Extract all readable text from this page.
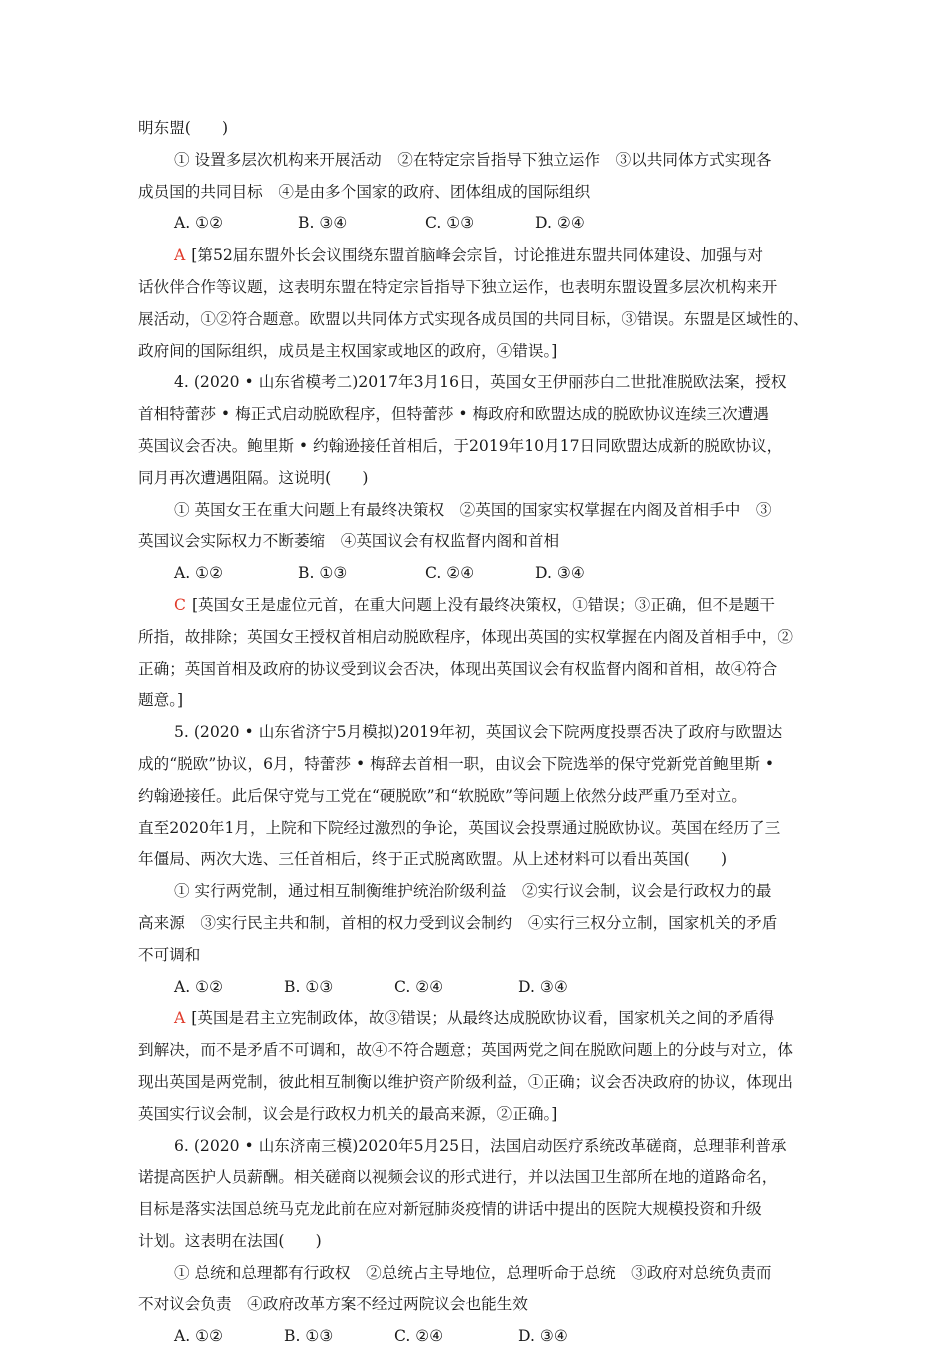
明东盟(　　)
① 设置多层次机构来开展活动　②在特定宗旨指导下独立运作　③以共同体方式实现各
成员国的共同目标　④是由多个国家的政府、团体组成的国际组织
A. ①②	B. ③④	C. ①③	D. ②④
A [第52届东盟外长会议围绕东盟首脑峰会宗旨，讨论推进东盟共同体建设、加强与对
话伙伴合作等议题，这表明东盟在特定宗旨指导下独立运作，也表明东盟设置多层次机构来开
展活动，①②符合题意。欧盟以共同体方式实现各成员国的共同目标，③错误。东盟是区域性的、
政府间的国际组织，成员是主权国家或地区的政府，④错误。]
4. (2020 • 山东省模考二)2017年3月16日，英国女王伊丽莎白二世批准脱欧法案，授权
首相特蕾莎 • 梅正式启动脱欧程序，但特蕾莎 • 梅政府和欧盟达成的脱欧协议连续三次遭遇
英国议会否决。鲍里斯 • 约翰逊接任首相后，于2019年10月17日同欧盟达成新的脱欧协议，
同月再次遭遇阻隔。这说明(　　)
① 英国女王在重大问题上有最终决策权　②英国的国家实权掌握在内阁及首相手中　③
英国议会实际权力不断萎缩　④英国议会有权监督内阁和首相
A. ①②	B. ①③	C. ②④	D. ③④
C [英国女王是虚位元首，在重大问题上没有最终决策权，①错误；③正确，但不是题干
所指，故排除；英国女王授权首相启动脱欧程序，体现出英国的实权掌握在内阁及首相手中，②
正确；英国首相及政府的协议受到议会否决，体现出英国议会有权监督内阁和首相，故④符合
题意。]
5. (2020 • 山东省济宁5月模拟)2019年初，英国议会下院两度投票否决了政府与欧盟达
成的“脱欧”协议，6月，特蕾莎 • 梅辞去首相一职，由议会下院选举的保守党新党首鲍里斯 •
约翰逊接任。此后保守党与工党在“硬脱欧”和“软脱欧”等问题上依然分歧严重乃至对立。
直至2020年1月，上院和下院经过激烈的争论，英国议会投票通过脱欧协议。英国在经历了三
年僵局、两次大选、三任首相后，终于正式脱离欧盟。从上述材料可以看出英国(　　)
① 实行两党制，通过相互制衡维护统治阶级利益　②实行议会制，议会是行政权力的最
高来源　③实行民主共和制，首相的权力受到议会制约　④实行三权分立制，国家机关的矛盾
不可调和
A. ①②	B. ①③	C. ②④	D. ③④
A [英国是君主立宪制政体，故③错误；从最终达成脱欧协议看，国家机关之间的矛盾得
到解决，而不是矛盾不可调和，故④不符合题意；英国两党之间在脱欧问题上的分歧与对立，体
现出英国是两党制，彼此相互制衡以维护资产阶级利益，①正确；议会否决政府的协议，体现出
英国实行议会制，议会是行政权力机关的最高来源，②正确。]
6. (2020 • 山东济南三模)2020年5月25日，法国启动医疗系统改革磋商，总理菲利普承
诺提高医护人员薪酬。相关磋商以视频会议的形式进行，并以法国卫生部所在地的道路命名，
目标是落实法国总统马克龙此前在应对新冠肺炎疫情的讲话中提出的医院大规模投资和升级
计划。这表明在法国(　　)
① 总统和总理都有行政权　②总统占主导地位，总理听命于总统　③政府对总统负责而
不对议会负责　④政府改革方案不经过两院议会也能生效
A. ①②	B. ①③	C. ②④	D. ③④
